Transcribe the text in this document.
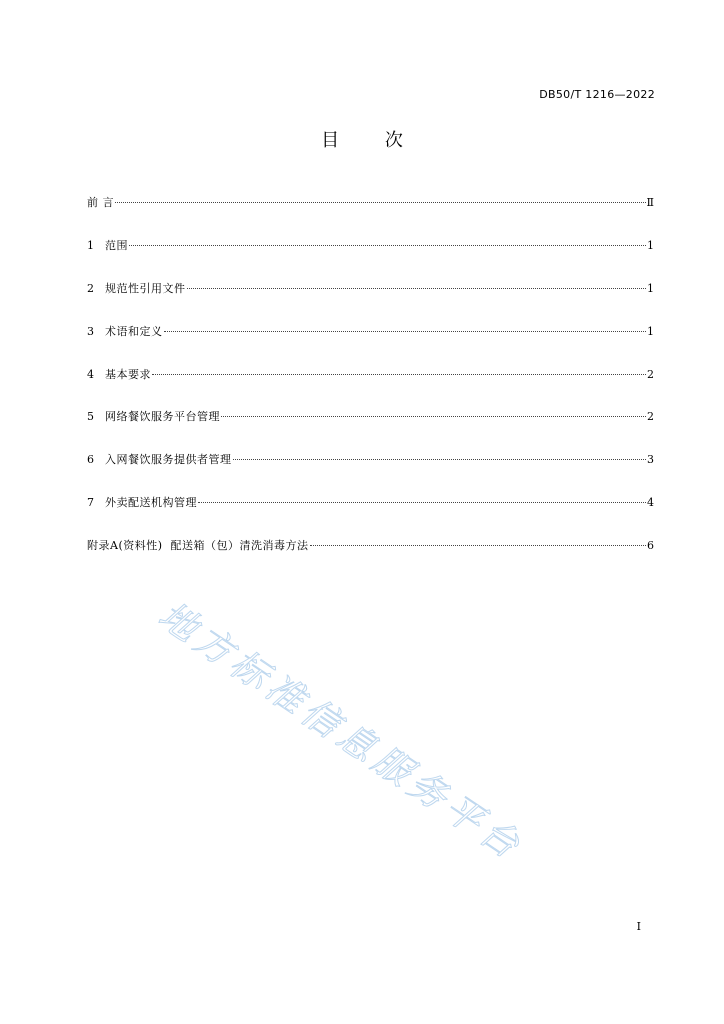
DB50/T 1216—2022
目 次
前 言	Ⅱ
1	范围	1
2	规范性引用文件	1
3	术语和定义	1
4	基本要求	2
5	网络餐饮服务平台管理	2
6	入网餐饮服务提供者管理	3
7	外卖配送机构管理	4
附录A(资料性)  配送箱（包）清洗消毒方法	6
地方标准信息服务平台
I
